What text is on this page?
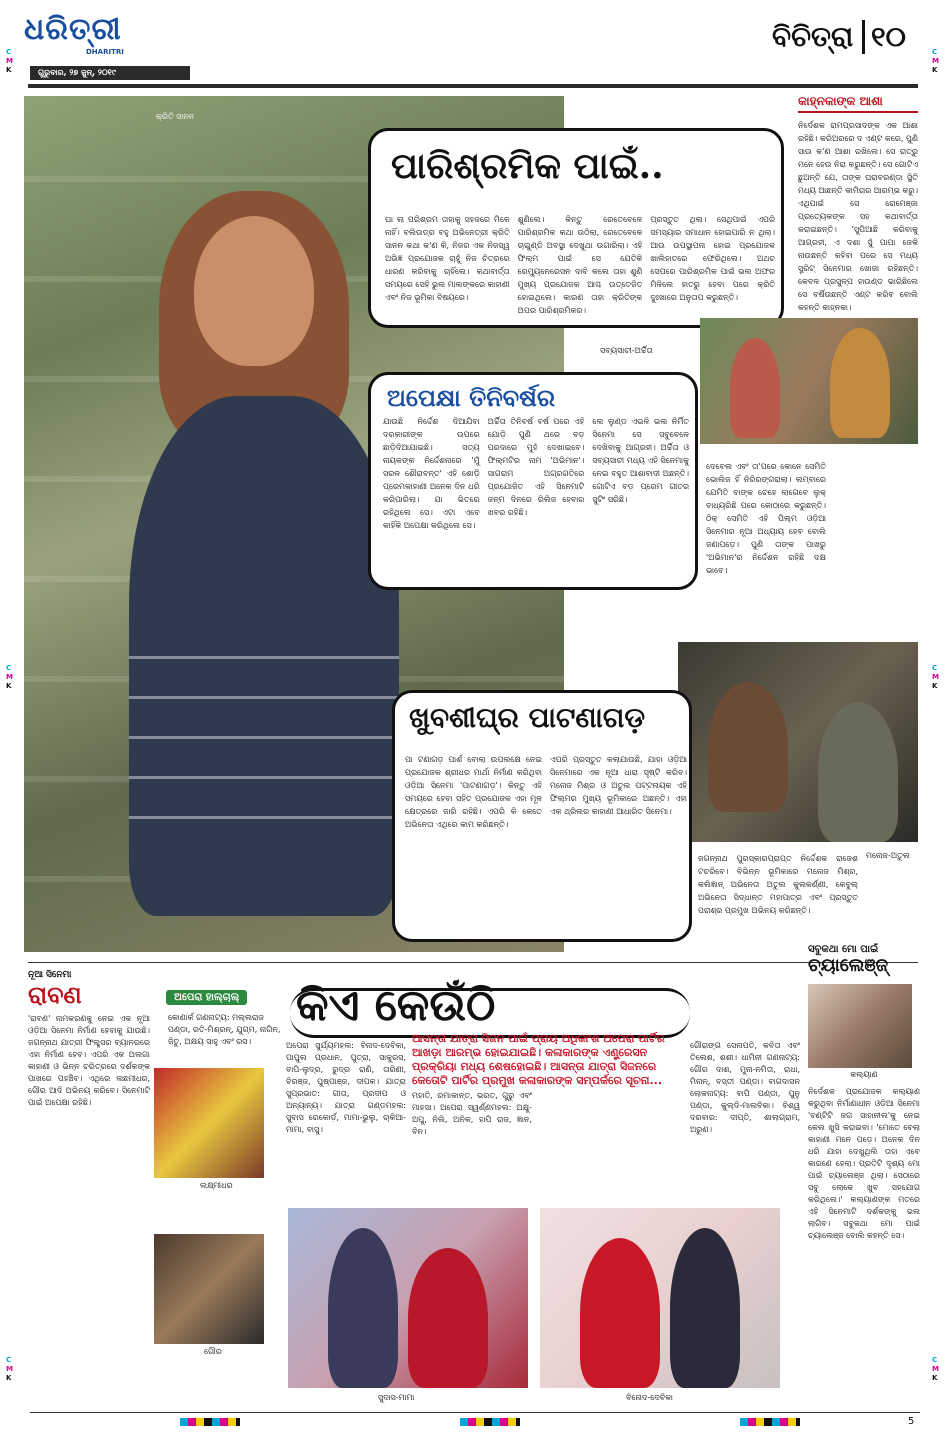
ଧରିତ୍ରୀ
DHARITRI
ଗୁରୁବାର, ୨୭ ଜୁନ୍, ୨୦୧୯
ବିଚିତ୍ରା ୧୦
C
M
K
C
M
K
C
M
K
C
M
K
C
M
K
C
M
K
କ୍ରିତି ସାନନ
କାହ୍ନକାଙ୍କ ଆଶା

ନିର୍ଦେଶକ ରାମପ୍ରସାଦଙ୍କ ଏକ ଆଶା ରହିଛି। କରିଅରରେ ଦ ଏଣ୍ଟ କରେ, ପୁଣି ସାଉ କ'ଣ ଆଶା ରଖିଲେ। ସେ ରାତ୍ରୁ ମନେ ହେଉ ନିରା କରୁଛନ୍ତି। ସେ ଗୋଟିଏ ଛୁଅନ୍ତି ଯେ, ତାଙ୍କ ଘରାବରଣ୍ଡା ସ୍ଥିତି ମଧ୍ୟ ଆଛନ୍ତି କାମିରାର ଆରମ୍ଭ କରୁ। ଏଥିପାଇଁ ସେ ରୋମେଞ୍ଜା ପ୍ରତ୍ୟେକଙ୍କ ସହ କଥାବାର୍ତ୍ତା କରାଇଛନ୍ତି। 'ସୁପିଆଛି କରିବାକୁ ଆଗ୍ରହୀ, ଏ ଦଶା ସୁଁ ପାପା ଜେକି ନାଉଛନ୍ତି କହିବା ପରେ ସେ ମଧ୍ୟ ସ୍ଟ୍ରିଟ୍ ସିନେମାର ଖୋଜା ରହିଛନ୍ତି। କେବଳ ପ୍ରସୁଳ୍ପ ହାଉଣ୍ଡ ଭାରିଛିଲେ ସେ ବର୍ଷିଉଛନ୍ତି ଏଣ୍ଟ କରିବ ବୋଲି କହନ୍ତି କାହ୍ନକା।

ପାରିଶ୍ରମିକ ପାଇଁ..

ଘା ଲା ପରିଶ୍ରମ ତାହାକୁ ସହଜରେ ମିଳେ ନାହିଁ। ବଲିଉଡ୍‌ର ବହୁ ଅଭିନେତ୍ରୀ କ୍ରିତି ସାନନ କଥା କ'ଣ କି, ନିଜର ଏକ ନିଜସ୍ୱ ଅଭିଜ୍ଞ ପ୍ରଯୋଜକ ଚାହୁଁ ନିଜ ଚିତ୍ରରେ ଧାରଣ କରିବାକୁ ଚାହିଁଲେ। କଥାବାର୍ତ୍ତା ସମୟରେ ସେହି ଭୁଲ ମାଲଙ୍କରେ କାହାଣୀ ଏବଂ ନିଜ ଭୂମିକା ବିଷୟରେ।

ଶୁଣିଲେ। କିନ୍ତୁ ରେତେବେଳେ ପାରିଶ୍ରମିକ କଥା ଉଠିଲା, ରେତେବେଳେ ଚାଇୁଣ୍ଡି ଅବସ୍ଥା ଦେଖୁଥା ଉଗାରିଲା। ଏହି ଫିଲ୍ମ ପାଇଁ ସେ ଯେତିକି ରେମ୍ୟୁନେରେସନ ଦାବି କଲେ ତାହା ଶୁଣି ମୁଖ୍ୟ ପ୍ରଯୋଜକ ଆଶ୍ଚ ଉତ୍ତେଜିତ ହୋଇଥିଲେ। କାରଣ ତାହା କ୍ରିତିଙ୍କ ଅପର ପାରିଶ୍ରମିକର।

ପ୍ରସ୍ତୁତ ଥିଲା। ସେଥିପାଇଁ ଏପରି ସମସ୍ୟାର ସମାଧାନ ହୋଇପାରି ନ ଥିଲା। ଆଉ ଉପସ୍ଥାପନା ହୋଇ ପ୍ରଯୋଜକ ଖାଲିହାତରେ ଫେରିଥିଲେ। ଅଥଚ ସେପରେ ପାରିଶ୍ରମିକ ପାଇଁ ଭଲ ଅଫର ମିଳିଲେ ହାତରୁ ହେବା ପରେ କ୍ରିତି ଦୁଃଖାରେ ଅନୁତାପ କରୁଛନ୍ତି।

ସବ୍ୟସାଚୀ-ଅର୍ଚ୍ଚିତା
ଅପେକ୍ଷା ତିନିବର୍ଷର

ଯାଉଛି ନିର୍ଦ୍ଦେଶ ଦିଆଯିବା ଦରକାରୀଙ୍କ ଉପରେ ଛାଡ଼ିଦିଆଯାଇଛି। ସତ୍ୟ ନାୟକଙ୍କ ନିର୍ଦ୍ଦେଶନାରେ 'ମୁଁ ସରଳ ଶୌରାବନ୍ତ' ଏହି ଶୋଡ଼ି ପ୍ରେମକାହାଣୀ ଅନେକ ଦିନ ଧରି କରିପାରିଲା। ଯା ଭିତରେ ରହିଥିଲେ ସେ। ଏଟା ଏବେ କାହିଁକି ଅପେକ୍ଷା କରିଥିଲେ ସେ।

ଅର୍ଚ୍ଚିତା ତିନିବର୍ଷ ବର୍ଷ ପରେ ଏହି ଯୋଡ଼ି ପୁଣି ଥରେ ବଡ଼ ପରଦାରେ ମୁହଁ ଦେଖାଇବେ। ଫିଲ୍ମଟିର ନାମ 'ଅଭିମାନ'। ସାଗରାମ ଅଗ୍ରଗତିରେ ପ୍ରଯୋଜିତ ଏହି ସିନେମାଟି ଜନ୍ମ ଦିନରେ ରିଲିଜ ହେବାର ଖବର ରହିଛି।

ଲେ ଲୁଣ୍ଡ ଏଭଳି ଭଲ ନିର୍ମିତ ସିନେମା ସେ ସବୁବେଳେ ଦେଖିବାକୁ ଆଗ୍ରହୀ। ଅର୍ଚ୍ଚିତା ଓ ସବ୍ୟସାଚୀ ମଧ୍ୟ ଏହି ସିନେମାକୁ ନେଇ ବହୁତ ଆଶାବାଦୀ ଅଛନ୍ତି। ଗୋଟିଏ ବଡ଼ ପ୍ରେମ ଗୀତର ସୁଟିଂ ସରିଛି।

ଦେବେଲ ଏବଂ ତା'ପରେ କୋନେ ସେମିତି ଭୋଲିଜ ହିଁ ନିରିରଙ୍ଗରାଲା। ଲମ୍ବାରେ ଯେମିତି ବାଙ୍କ ଚେହେ ଲାଗେବେ ଲୁକ୍ ବାଧ୍ୟରିଛି ପରେ କୋଠାରେ କରୁଛନ୍ତି। ଠିକ୍ ସେମିତି ଏହି ପିଲ୍ମ ଓଡ଼ିଆ ସିନେମାର ନୂଆ ଅଧ୍ୟାୟ ହେବ ବୋଲି ଜଣାପଡ଼େ। ପୁଣି ତାଙ୍କ ପାଖରୁ 'ଅଭିମାନ'ର ନିର୍ଦ୍ଦେଶନ ରହିଛି ଦକ୍ଷ ଭାବେ।

ମନୋଜ-ଅତୁଲ
ଖୁବଶୀଘ୍ର ପାଟଣାଗଡ଼

ପା ଟଣାଗଡ଼ ପାର୍ଶ ବୋଲା ଉପଲକ୍ଷେ ନେଇ ପ୍ରଯୋଜକ ଶ୍ରୀଧର ମାର୍ଥା ନିର୍ମାଣ କରିଥିବା ଓଡ଼ିଆ ସିନେମା 'ପାଟଣାଗଡ଼'। କିନ୍ତୁ ଏହି ସମୟରେ ହେବା ସହିତ ପ୍ରଯୋଜକ ଏହା ମୂଳ କ୍ଷେତ୍ରରେ ଜାରି ରହିଛି। ଏପରି କି କେତେ ଅଭିନେତା ଏଥିରେ କାମ କରିଛନ୍ତି।

ଏପରି ପ୍ରସ୍ତୁତ କଲାଯାଉଛି, ଯାହା ଓଡ଼ିଆ ସିନେମାରେ ଏକ ନୂଆ ଧାରା ସୃଷ୍ଟି କରିବ। ମନୋଜ ମିଶ୍ର ଓ ଅତୁଲ ପଟ୍ଟନାୟକ ଏହି ଫିଲ୍ମର ମୁଖ୍ୟ ଭୂମିକାରେ ଅଛନ୍ତି। ଏହା ଏକ ଥ୍ରିଲର କାହାଣୀ ଆଧାରିତ ସିନେମା।

ଜଗନ୍ନାଥ ପୁରସ୍କାରପ୍ରାପ୍ତ ନିର୍ଦ୍ଦେଶକ ରାଜେଶ ଟଚରିବେ। ବିଭିନ୍ନ ଭୂମିକାରେ ମନୋଜ ମିଶ୍ର, କଲିଜ୍ଞାନ୍ ଅଭିନେତା ଅତୁଲ କୁଲକର୍ଣ୍ଣୀ, କେବୁଲ୍ ଅଭିନେତା ସିଦ୍ଧାନ୍ତ ମହାପାତ୍ର ଏବଂ ପ୍ରସ୍ତୁତ ପରାଶ୍ର ପ୍ରମୁଖ ଅଭିନୟ କରିଛନ୍ତି।

ନୂଆ ସିନେମା
ରାବଣ

'ରାବଣ' ନାମକରଣକୁ ନେଇ ଏକ ନୂଆ ଓଡ଼ିଆ ସିନେମା ନିର୍ମାଣ ହେବାକୁ ଯାଉଛି। ଜଗନ୍ନାଥ ଯାତ୍ରୀ ଫିଲ୍ମ୍ସର ବ୍ୟାନରରେ ଏହା ନିର୍ମାଣ ହେବ। ଏପରି ଏକ ଅଲଗା କାହାଣୀ ଓ ଭିନ୍ନ ଚରିତ୍ରରେ ଦର୍ଶକଙ୍କ ପାଖରେ ପହଞ୍ଚିବ। ଏଥିରେ ଲଛମୀଧର, ଗୌର ଆଦି ଅଭିନୟ କରିବେ। ସିନେମାଟି ପାଇଁ ଅପେକ୍ଷା ରହିଛି।

ଲକ୍ଷ୍ମୀଧର
ଗୌର
ଅପେରା ହାଲ୍‌ଚାଲ୍
କୋଣାର୍କ ଗଣନାଟ୍ୟ: ମଲ୍ଲରାଜ ପଣ୍ଡା, ରତି-ମିଶ୍ରନ୍, ଯୁଗ୍ମ, ନାଗିନ, ଜିତୁ, ଅକ୍ଷୟ ସାହୁ ଏବଂ ରସ।
କିଏ କେଉଁଠି
ଆସନ୍ତା ଯାତ୍ରା ସିଜନ ପାଇଁ ପ୍ରାୟ ଅଧିକାଂଶ ଅପେରା ପାର୍ଟିର ଆଖଡ଼ା ଆରମ୍ଭ ହୋଇଯାଇଛି। କଳାକାରଙ୍କ ଏଣ୍ଟ୍ରେସନ ପ୍ରକ୍ରିୟା ମଧ୍ୟ ଶେଷହୋଇଛି। ଆସନ୍ତା ଯାତ୍ରା ସିଜନରେ କେତୋଟି ପାର୍ଟିର ପ୍ରମୁଖ କଳାକାରଙ୍କ ସମ୍ପର୍କରେ ସୂଚନା...
ଅପେରା ସୁର୍ଯ୍ୟମହଲ: ବିନାଦ-ଦେବିକା, ପାପୁଲ ପ୍ରଧାନ, ପୁତ୍ରା, ସାକୁରସ, ବାପି-ଲୁଦ୍ର, ରୁଦ୍ର ରାଣି, ତାରିଣୀ, ବିରଞ୍ଜ, ପୁଷ୍ପାଞ୍ଜ, ଦୀପକ। ଯାତ୍ରା ସୁପ୍ରଭାତ: ଗୀତା, ପ୍ରଦୀପ ଓ ଅନ୍ୟାନ୍ୟ। ଯାତ୍ରା ଗଣ୍ଡମହଲ: ସୁବାସ ରେକୋର୍ଡ଼, ମାମା-ଭୁଲୁ, ଚାକିଆ-ମାମା, ବାସୁ।
ମହାତି, ରମାକାନ୍ତ, ଭରତ, ଗୁରୁ ଏବଂ ମାହସା। ଅପେରା ସ୍ୱର୍ଣ୍ଣମହଲ: ଅକ୍ଷୁ-ଅପୁ, ନିଲି, ଅନିକ, ହାପି ରାଜ, ଜ୍ଞାନ, ବିନ।
ଗୌରାଙ୍ଗ ସେନାପତି, କବିତା ଏବଂ ତିଲେଶ, ଶଶୀ। ଧାମିନୀ ଗଣନାଟ୍ୟ: ଗୌର ଦାଶ, ମୁନା-ନମିତା, ରାଧା, ମିନାନ୍, ବସ୍ତୀ ପଣ୍ଡା। ବାଗଦାସନ ଲୋକନାଟ୍ୟ: ବାପି ପଣ୍ଡା, ପୁନୁ ପଣ୍ଡା, କୁଲ୍ଦି-ମାଲବିକା। ବିଶ୍ୱ ଦରବାର: ଦୀପ୍ତି, ଶାଲାଗ୍ରାମ, ଅରୁଣ।
ସୁଦାସ-ମାମା	ବିନୋଦ-ଦେବିକା
ସବୁକଥା ମୋ ପାଇଁ
ଚ୍ୟାଲେଞ୍ଜ୍
କଲ୍ୟାଣ

ନିର୍ଦେଶକ ପ୍ରଯୋଜକ କଲ୍ୟାଣ କରୁଥିବା ନିର୍ମାଣାଧୀନ ଓଡ଼ିଆ ସିନେମା 'ବଣ୍ଟିଟି ଜଗ ସାହାନୀଲ'କୁ ନେଇ କେଲ ଖୁସି କରାଇବା। 'ମୋତେ ବେଲା କାହାଣୀ ମନେ ପଡ଼େ। ଅନେକ ଦିନ ଧରି ଯାହା ଦେଖୁଥିଲି ତାହା ଏବେ କାରଣେ ହେଲା। ପ୍ରତିଟି ଦୃଶ୍ୟ ମୋ ପାଇଁ ଚ୍ୟାଲେଞ୍ଜ ଥିଲା। ସେଠାରେ ସବୁ ଲୋକେ ଖୁବ ସହଯୋଗ କରିଥିଲେ।' କଲ୍ୟାଣଙ୍କ ମତରେ ଏହି ସିନେମାଟି ଦର୍ଶକଙ୍କୁ ଭଲ ଲାଗିବ। ସବୁକଥା ମୋ ପାଇଁ ଚ୍ୟାଲେଞ୍ଜ ବୋଲି କହନ୍ତି ସେ।

5
